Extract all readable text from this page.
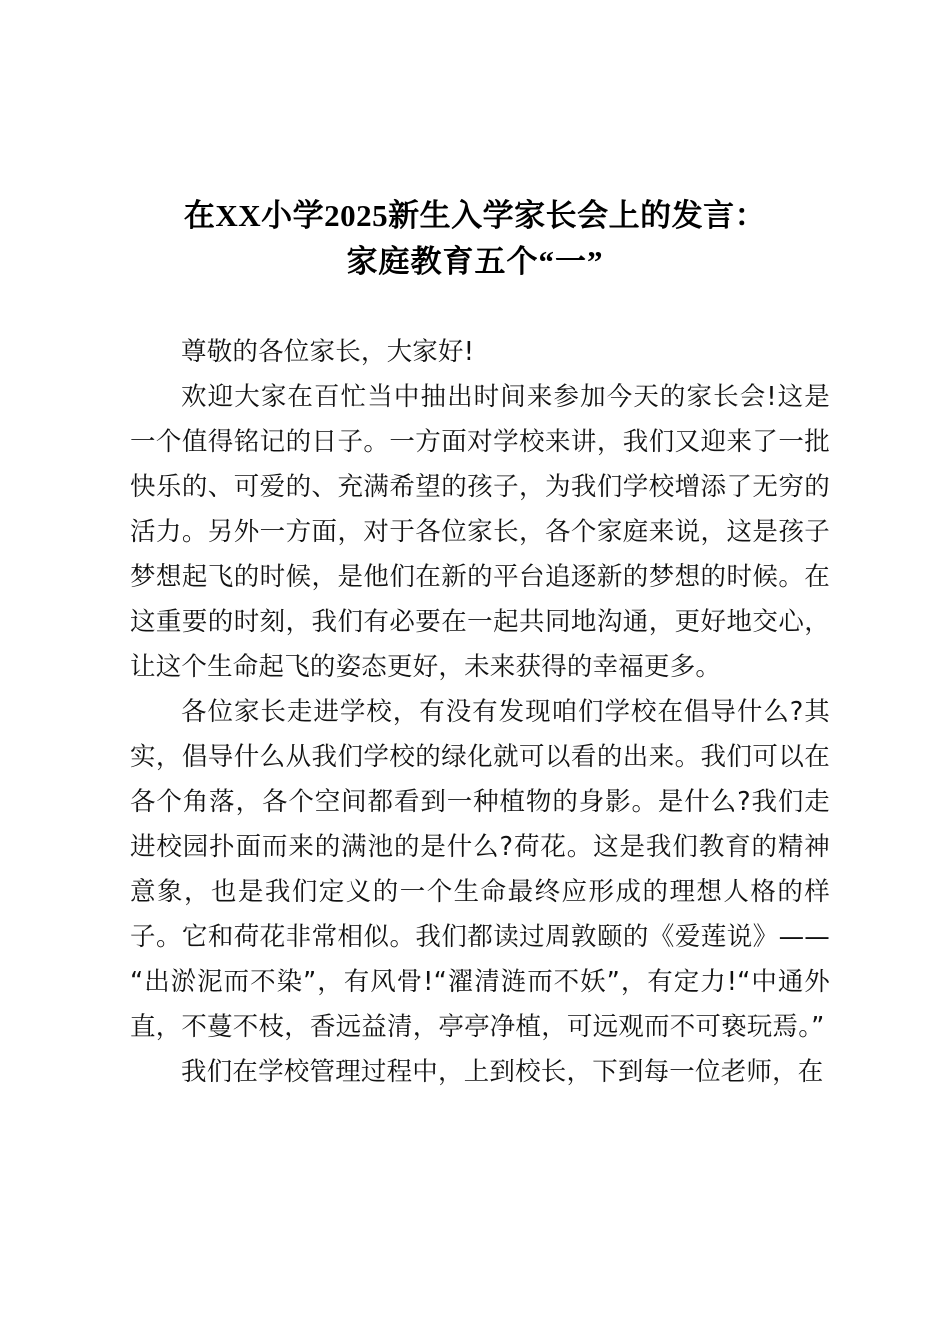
在XX小学2025新生入学家长会上的发言：
家庭教育五个“一”

尊敬的各位家长，大家好!

欢迎大家在百忙当中抽出时间来参加今天的家长会!这是一个值得铭记的日子。一方面对学校来讲，我们又迎来了一批快乐的、可爱的、充满希望的孩子，为我们学校增添了无穷的活力。另外一方面，对于各位家长，各个家庭来说，这是孩子梦想起飞的时候，是他们在新的平台追逐新的梦想的时候。在这重要的时刻，我们有必要在一起共同地沟通，更好地交心，让这个生命起飞的姿态更好，未来获得的幸福更多。

各位家长走进学校，有没有发现咱们学校在倡导什么?其实，倡导什么从我们学校的绿化就可以看的出来。我们可以在各个角落，各个空间都看到一种植物的身影。是什么?我们走进校园扑面而来的满池的是什么?荷花。这是我们教育的精神意象，也是我们定义的一个生命最终应形成的理想人格的样子。它和荷花非常相似。我们都读过周敦颐的《爱莲说》——“出淤泥而不染”，有风骨!“濯清涟而不妖”，有定力!“中通外直，不蔓不枝，香远益清，亭亭净植，可远观而不可亵玩焉。”

我们在学校管理过程中，上到校长，下到每一位老师，在
